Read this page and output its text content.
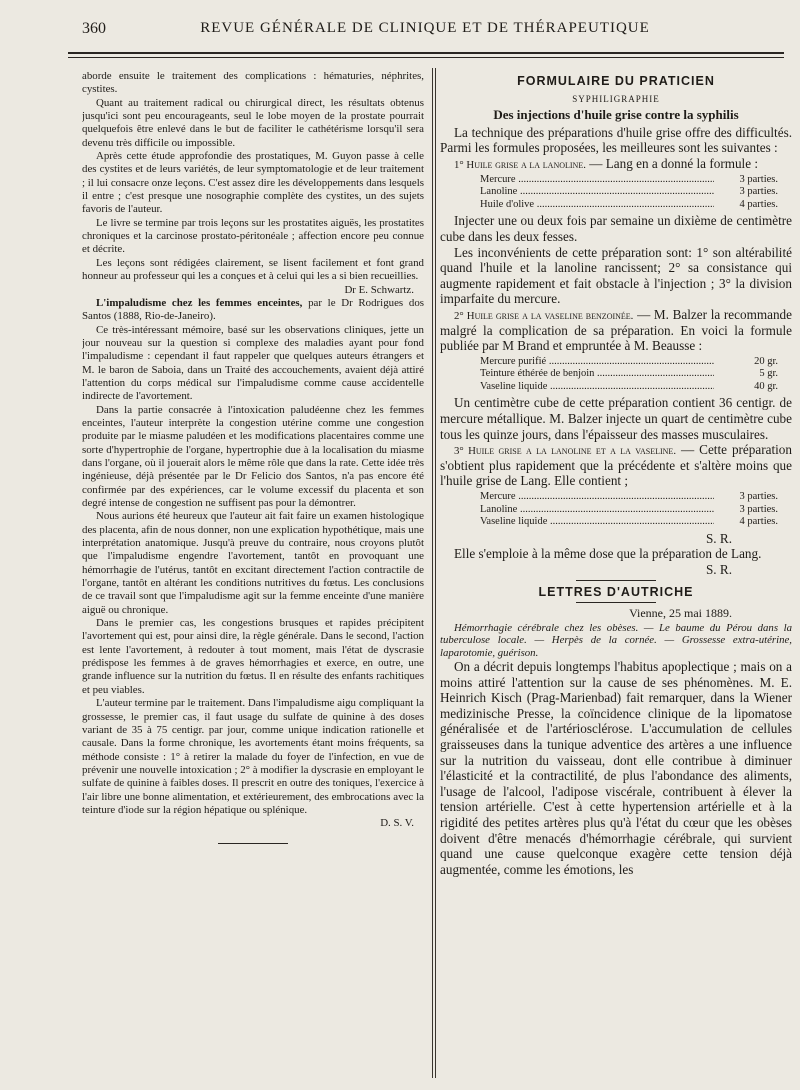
360	REVUE GÉNÉRALE DE CLINIQUE ET DE THÉRAPEUTIQUE

aborde ensuite le traitement des complications : hématuries, néphrites, cystites.

Quant au traitement radical ou chirurgical direct, les résultats obtenus jusqu'ici sont peu encourageants, seul le lobe moyen de la prostate pourrait quelquefois être enlevé dans le but de faciliter le cathétérisme lorsqu'il sera devenu très difficile ou impossible.

Après cette étude approfondie des prostatiques, M. Guyon passe à celle des cystites et de leurs variétés, de leur symptomatologie et de leur traitement ; il lui consacre onze leçons. C'est assez dire les développements dans lesquels il entre ; c'est presque une nosographie complète des cystites, un des sujets favoris de l'auteur.

Le livre se termine par trois leçons sur les prostatites aiguës, les prostatites chroniques et la carcinose prostato-péritonéale ; affection encore peu connue et décrite.

Les leçons sont rédigées clairement, se lisent facilement et font grand honneur au professeur qui les a conçues et à celui qui les a si bien recueillies.

Dr E. Schwartz.

L'impaludisme chez les femmes enceintes, par le Dr Rodrigues dos Santos (1888, Rio-de-Janeiro).

Ce très-intéressant mémoire, basé sur les observations cliniques, jette un jour nouveau sur la question si complexe des maladies ayant pour fond l'impaludisme : cependant il faut rappeler que quelques auteurs étrangers et M. le baron de Saboia, dans un Traité des accouchements, avaient déjà attiré l'attention du corps médical sur l'impaludisme comme cause accidentelle indirecte de l'avortement.

Dans la partie consacrée à l'intoxication paludéenne chez les femmes enceintes, l'auteur interprète la congestion utérine comme une congestion produite par le miasme paludéen et les modifications placentaires comme une sorte d'hypertrophie de l'organe, hypertrophie due à la localisation du miasme dans l'organe, où il jouerait alors le même rôle que dans la rate. Cette idée très ingénieuse, déjà présentée par le Dr Felicio dos Santos, n'a pas encore été confirmée par des expériences, car le volume excessif du placenta et son degré intense de congestion ne suffisent pas pour la démontrer.

Nous aurions été heureux que l'auteur ait fait faire un examen histologique des placenta, afin de nous donner, non une explication hypothétique, mais une interprétation anatomique. Jusqu'à preuve du contraire, nous croyons plutôt que l'impaludisme engendre l'avortement, tantôt en provoquant une hémorrhagie de l'utérus, tantôt en excitant directement l'action contractile de l'organe, tantôt en altérant les conditions nutritives du fœtus. Les conclusions de ce travail sont que l'impaludisme agit sur la femme enceinte d'une manière aiguë ou chronique.

Dans le premier cas, les congestions brusques et rapides précipitent l'avortement qui est, pour ainsi dire, la règle générale. Dans le second, l'action est lente l'avortement, à redouter à tout moment, mais l'état de dyscrasie prédispose les femmes à de graves hémorrhagies et exerce, en outre, une grande influence sur la nutrition du fœtus. Il en résulte des enfants rachitiques et peu viables.

L'auteur termine par le traitement. Dans l'impaludisme aigu compliquant la grossesse, le premier cas, il faut usage du sulfate de quinine à des doses variant de 35 à 75 centigr. par jour, comme unique indication rationelle et causale. Dans la forme chronique, les avortements étant moins fréquents, sa méthode consiste : 1° à retirer la malade du foyer de l'infection, en vue de prévenir une nouvelle intoxication ; 2° à modifier la dyscrasie en employant le sulfate de quinine à faibles doses. Il prescrit en outre des toniques, l'exercice à l'air libre une bonne alimentation, et extérieurement, des embrocations avec la teinture d'iode sur la région hépatique ou splénique.

D. S. V.

FORMULAIRE DU PRATICIEN
SYPHILIGRAPHIE
Des injections d'huile grise contre la syphilis

La technique des préparations d'huile grise offre des difficultés. Parmi les formules proposées, les meilleures sont les suivantes :

1° Huile grise a la lanoline. — Lang en a donné la formule :

Mercure .....	3 parties.
Lanoline .....	3 parties.
Huile d'olive .....	4 parties.

Injecter une ou deux fois par semaine un dixième de centimètre cube dans les deux fesses.

Les inconvénients de cette préparation sont: 1° son altérabilité quand l'huile et la lanoline rancissent; 2° sa consistance qui augmente rapidement et fait obstacle à l'injection ; 3° la division imparfaite du mercure.

2° Huile grise a la vaseline benzoinée. — M. Balzer la recommande malgré la complication de sa préparation. En voici la formule publiée par M Brand et empruntée à M. Beausse :

Mercure purifié .....	20 gr.
Teinture éthérée de benjoin .....	5 gr.
Vaseline liquide .....	40 gr.

Un centimètre cube de cette préparation contient 36 centigr. de mercure métallique. M. Balzer injecte un quart de centimètre cube tous les quinze jours, dans l'épaisseur des masses musculaires.

3° Huile grise a la lanoline et a la vaseline. — Cette préparation s'obtient plus rapidement que la précédente et s'altère moins que l'huile grise de Lang. Elle contient ;

Mercure .....	3 parties.
Lanoline .....	3 parties.
Vaseline liquide .....	4 parties.

S. R.

Elle s'emploie à la même dose que la préparation de Lang.

S. R.

LETTRES D'AUTRICHE

Vienne, 25 mai 1889.

Hémorrhagie cérébrale chez les obèses. — Le baume du Pérou dans la tuberculose locale. — Herpès de la cornée. — Grossesse extra-utérine, laparotomie, guérison.

On a décrit depuis longtemps l'habitus apoplectique ; mais on a moins attiré l'attention sur la cause de ses phénomènes. M. E. Heinrich Kisch (Prag-Marienbad) fait remarquer, dans la Wiener medizinische Presse, la coïncidence clinique de la lipomatose généralisée et de l'artériosclérose. L'accumulation de cellules graisseuses dans la tunique adventice des artères a une influence sur la nutrition du vaisseau, dont elle contribue à diminuer l'élasticité et la contractilité, de plus l'abondance des aliments, l'usage de l'alcool, l'adipose viscérale, contribuent à élever la tension artérielle. C'est à cette hypertension artérielle et à la rigidité des petites artères plus qu'à l'état du cœur que les obèses doivent d'être menacés d'hémorrhagie cérébrale, qui survient quand une cause quelconque exagère cette tension déjà augmentée, comme les émotions, les
